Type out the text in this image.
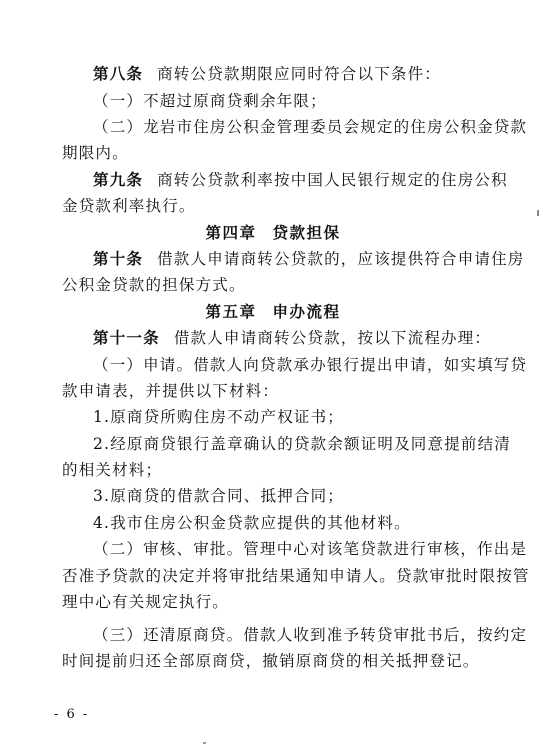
第八条 商转公贷款期限应同时符合以下条件：
（一）不超过原商贷剩余年限；
（二）龙岩市住房公积金管理委员会规定的住房公积金贷款
期限内。
第九条 商转公贷款利率按中国人民银行规定的住房公积
金贷款利率执行。
第四章 贷款担保
第十条 借款人申请商转公贷款的，应该提供符合申请住房
公积金贷款的担保方式。
第五章 申办流程
第十一条 借款人申请商转公贷款，按以下流程办理：
（一）申请。借款人向贷款承办银行提出申请，如实填写贷
款申请表，并提供以下材料：
1.原商贷所购住房不动产权证书；
2.经原商贷银行盖章确认的贷款余额证明及同意提前结清
的相关材料；
3.原商贷的借款合同、抵押合同；
4.我市住房公积金贷款应提供的其他材料。
（二）审核、审批。管理中心对该笔贷款进行审核，作出是
否准予贷款的决定并将审批结果通知申请人。贷款审批时限按管
理中心有关规定执行。
（三）还清原商贷。借款人收到准予转贷审批书后，按约定
时间提前归还全部原商贷，撤销原商贷的相关抵押登记。
- 6 -
